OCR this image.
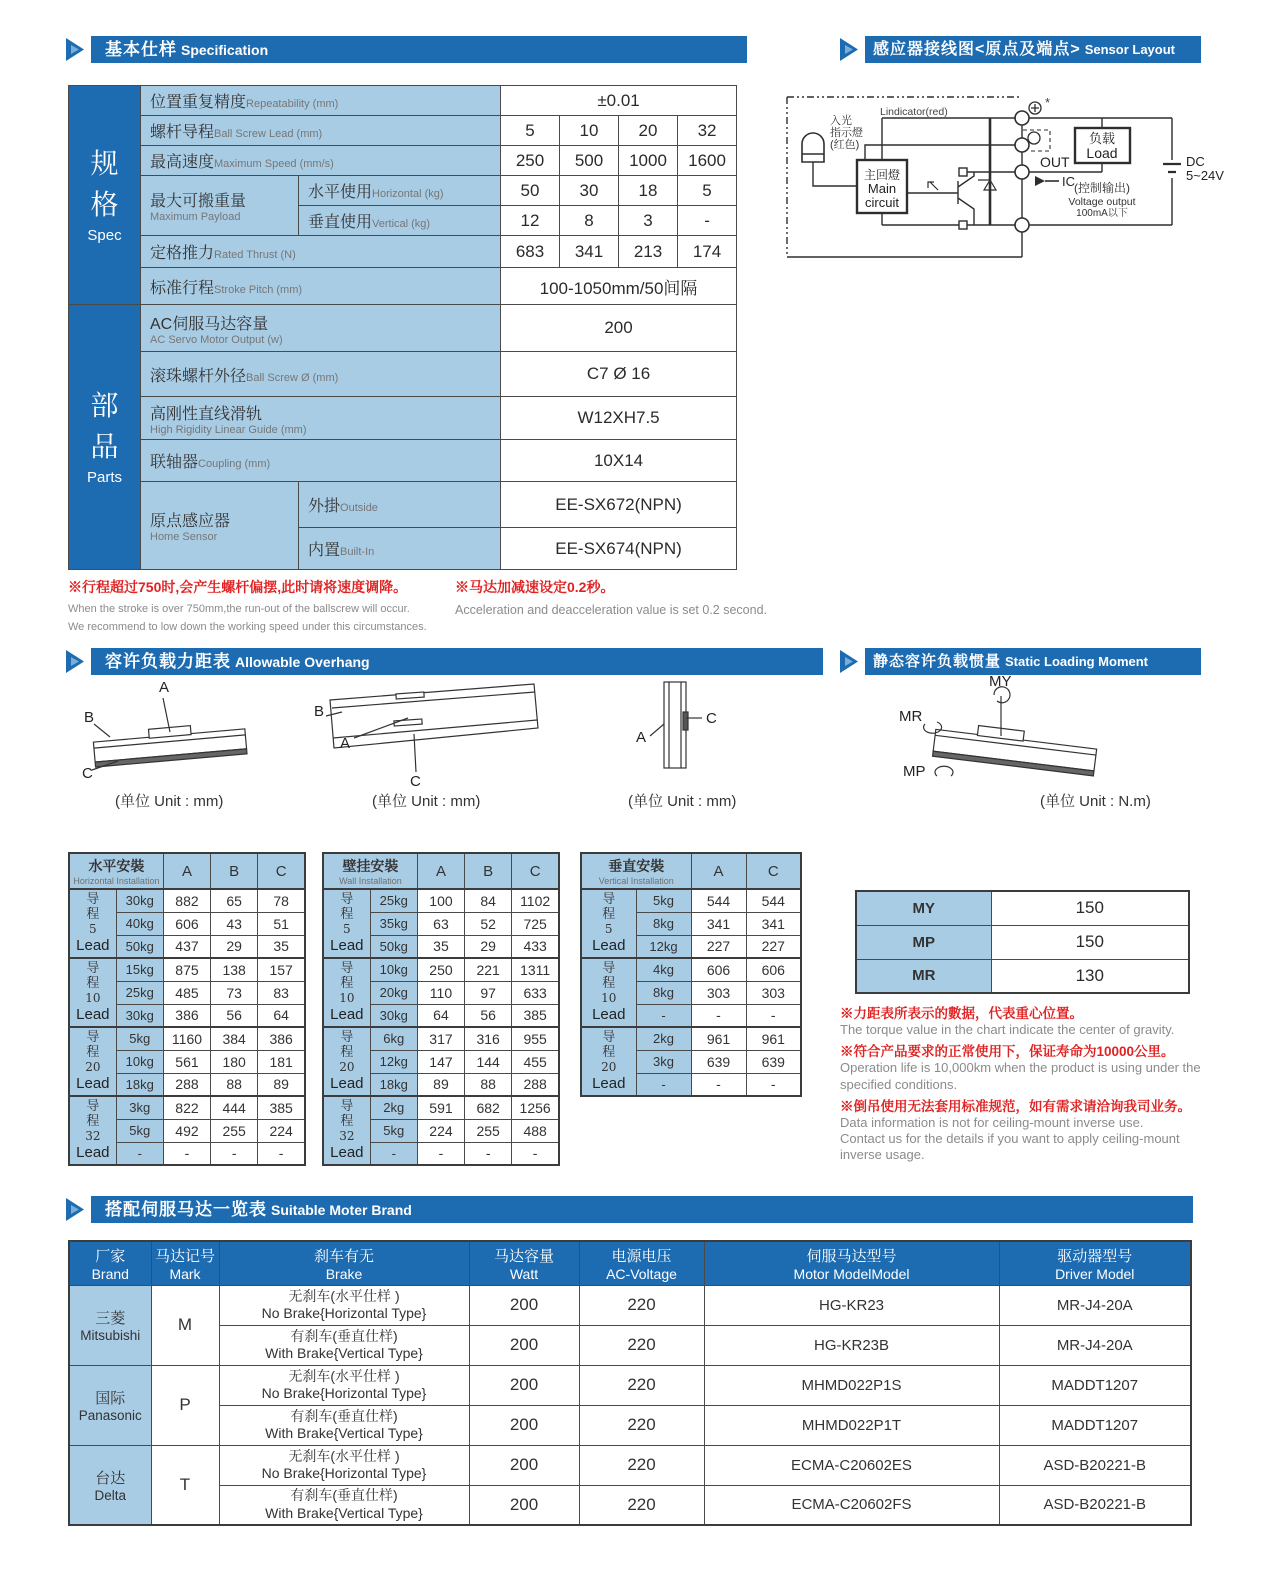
基本仕样 Specification	感应器接线图<原点及端点> Sensor Layout
容许负载力距表 Allowable Overhang	静态容许负载惯量 Static Loading Moment
搭配伺服马达一览表 Suitable Moter Brand
规
格
Spec	位置重复精度Repeatability (mm)		±0.01			
	螺杆导程Ball Screw Lead (mm)		5	10	20	32
	最高速度Maximum Speed (mm/s)		250	500	1000	1600

	最大可搬重量
Maximum Payload	水平使用Horizontal (kg)	50	30	18	5
		垂直使用Vertical (kg)	12	8	3	-
	定格推力Rated Thrust (N)		683	341	213	174
	标准行程Stroke Pitch (mm)		100-1050mm/50间隔			

部
品
Parts

AC伺服马达容量
AC Servo Motor Output (w)
	200
	滚珠螺杆外径Ball Screw Ø (mm)		C7 Ø 16			

	高刚性直线滑轨
High Rigidity Linear Guide (mm)		W12XH7.5			
	联轴器Coupling (mm)		10X14			

	原点感应器
Home Sensor	外掛Outside	EE-SX672(NPN)			
		内置Built-In	EE-SX674(NPN)			
※行程超过750时,会产生螺杆偏摆,此时请将速度调降。
When the stroke is over 750mm,the run-out of the ballscrew will occur.
We recommend to low down the working speed under this circumstances.
※马达加减速设定0.2秒。
Acceleration and deacceleration value is set 0.2 second.
入光
指示燈
(红色)
Lindicator(red)
主回燈
Main
circuit
负载
Load
OUT
IC
*
(控制输出)
Voltage output
100mA以下
DC
5~24V
A
B
C
B
A
C
A
C
(单位 Unit : mm)	(单位 Unit : mm)	(单位 Unit : mm)
MY
MR
MP
(单位 Unit : N.m)
水平安裝
Horizontal Installation		A	B	C

导
程
5
Lead	30kg	882	65	78
	40kg	606	43	51
	50kg	437	29	35

导
程
10
Lead	15kg	875	138	157
	25kg	485	73	83
	30kg	386	56	64

导
程
20
Lead	5kg	1160	384	386
	10kg	561	180	181
	18kg	288	88	89

导
程
32
Lead	3kg	822	444	385
	5kg	492	255	224
	-	-	-	-
壁挂安裝
Wall Installation		A	B	C

导
程
5
Lead	25kg	100	84	1102
	35kg	63	52	725
	50kg	35	29	433

导
程
10
Lead	10kg	250	221	1311
	20kg	110	97	633
	30kg	64	56	385

导
程
20
Lead	6kg	317	316	955
	12kg	147	144	455
	18kg	89	88	288

导
程
32
Lead	2kg	591	682	1256
	5kg	224	255	488
	-	-	-	-
垂直安裝
Vertical Installation		A	C

导
程
5
Lead	5kg	544	544
	8kg	341	341
	12kg	227	227

导
程
10
Lead	4kg	606	606
	8kg	303	303
	-	-	-

导
程
20
Lead	2kg	961	961
	3kg	639	639
	-	-	-
MY	150
MP	150
MR	130
※力距表所表示的數据，代表重心位置。
The torque value in the chart indicate the center of gravity.
※符合产品要求的正常使用下，保证寿命为10000公里。
Operation life is 10,000km when the product is using under the specified conditions.
※倒吊使用无法套用标准规范，如有需求请洽询我司业务。
Data information is not for ceiling-mount inverse use.
Contact us for the details if you want to apply ceiling-mount inverse usage.
厂家
Brand

马达记号
Mark

刹车有无
Brake

马达容量
Watt

电源电压
AC-Voltage

伺服马达型号
Motor ModelModel

驱动器型号
Driver Model

三菱
Mitsubishi
	M	
无刹车(水平仕样 )
No Brake{Horizontal Type}	200	220	HG-KR23	MR-J4-20A

		有刹车(垂直仕样)
With Brake{Vertical Type}	200	220	HG-KR23B	MR-J4-20A

国际
Panasonic
	P	
无刹车(水平仕样 )
No Brake{Horizontal Type}	200	220	MHMD022P1S	MADDT1207

		有刹车(垂直仕样)
With Brake{Vertical Type}	200	220	MHMD022P1T	MADDT1207

台达
Delta
	T	
无刹车(水平仕样 )
No Brake{Horizontal Type}	200	220	ECMA-C20602ES	ASD-B20221-B

		有刹车(垂直仕样)
With Brake{Vertical Type}	200	220	ECMA-C20602FS	ASD-B20221-B
